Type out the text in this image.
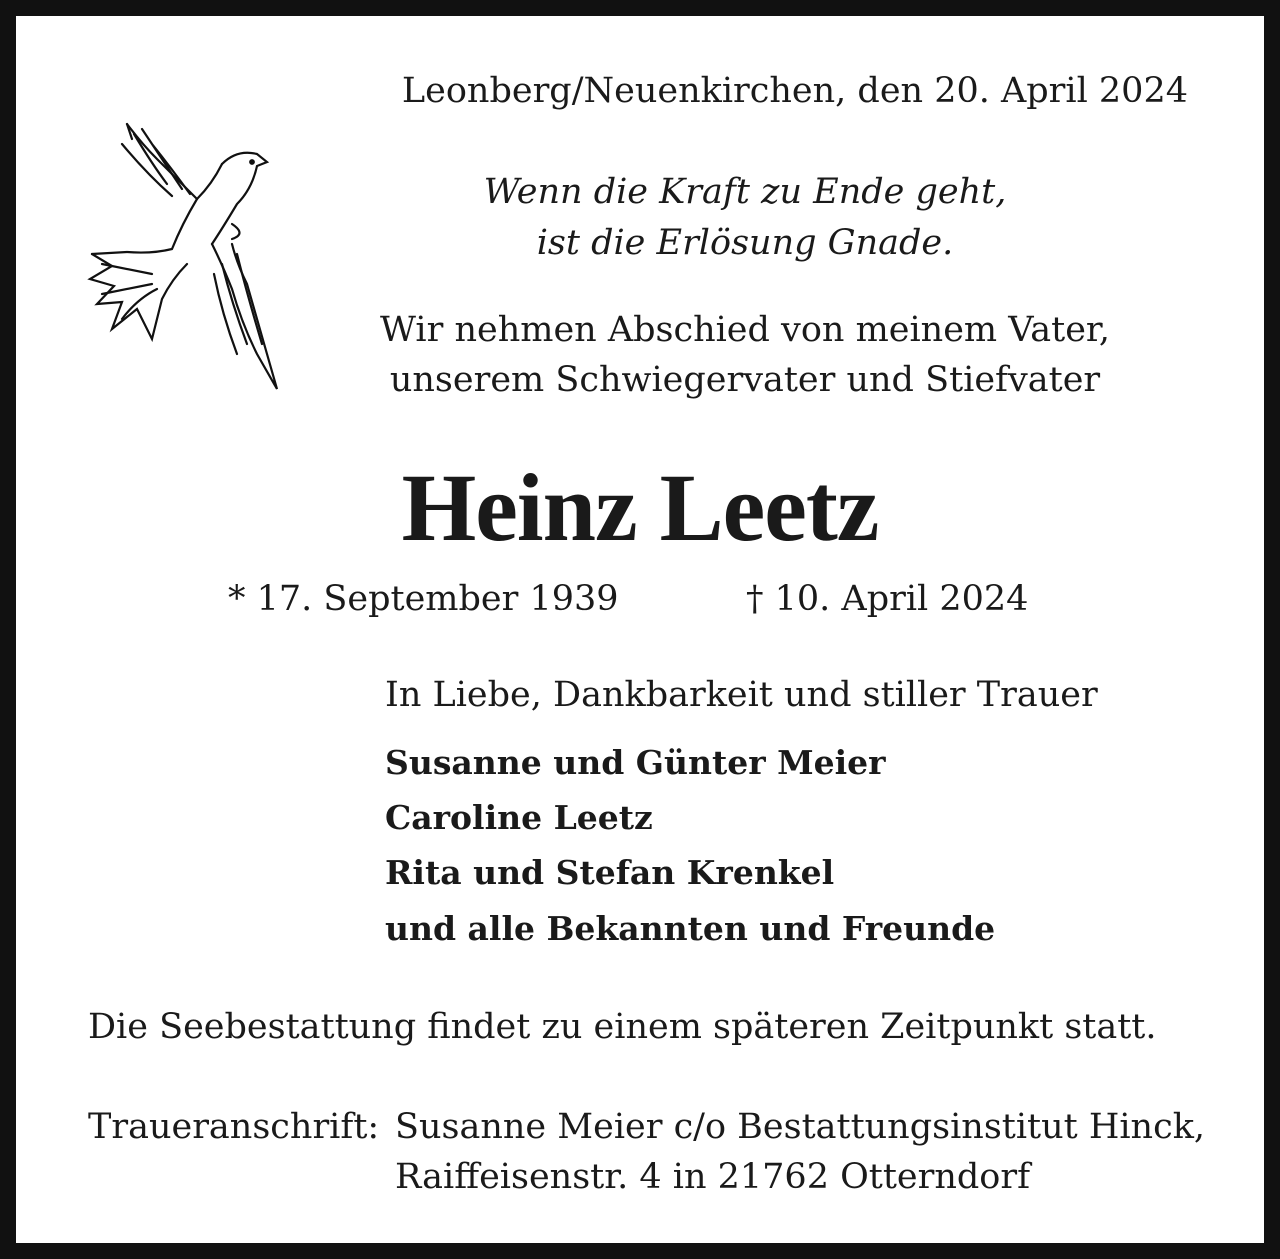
Leonberg/Neuenkirchen, den 20. April 2024
Wenn die Kraft zu Ende geht,
ist die Erlösung Gnade.
Wir nehmen Abschied von meinem Vater,
unserem Schwiegervater und Stiefvater
Heinz Leetz
* 17. September 1939	† 10. April 2024
In Liebe, Dankbarkeit und stiller Trauer
Susanne und Günter Meier
Caroline Leetz
Rita und Stefan Krenkel
und alle Bekannten und Freunde
Die Seebestattung findet zu einem späteren Zeitpunkt statt.
Traueranschrift: Susanne Meier c/o Bestattungsinstitut Hinck,
Raiffeisenstr. 4 in 21762 Otterndorf
